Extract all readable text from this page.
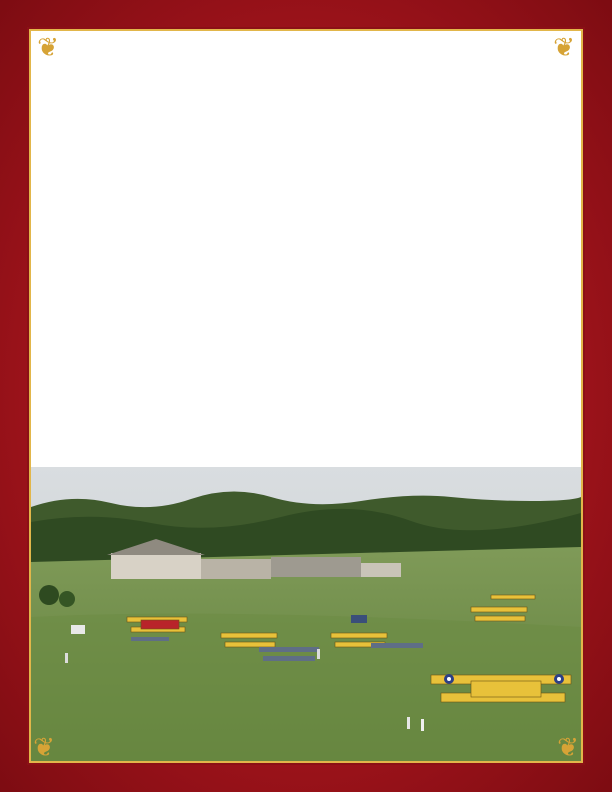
❦	❦

❦	❦
